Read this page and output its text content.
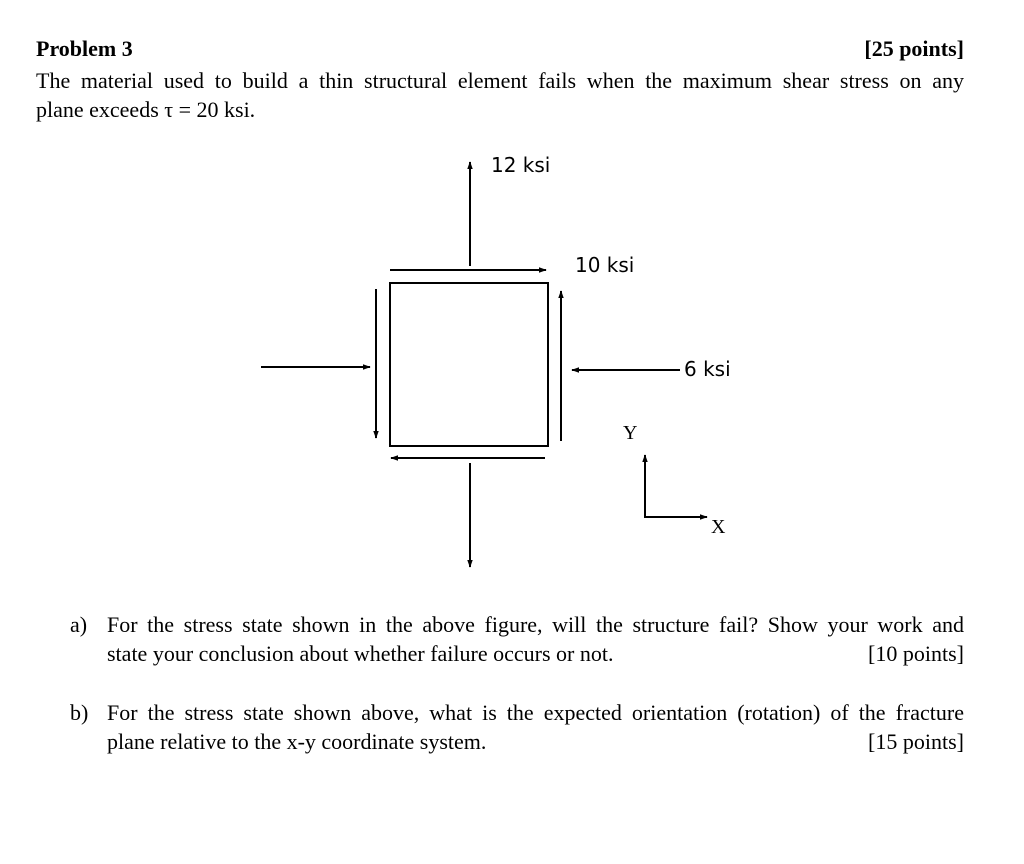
Problem 3	[25 points]
The material used to build a thin structural element fails when the maximum shear stress on any
plane exceeds τ = 20 ksi.
12 ksi
10 ksi
6 ksi
Y
X
a) For the stress state shown in the above figure, will the structure fail? Show your work and
state your conclusion about whether failure occurs or not.	[10 points]
b) For the stress state shown above, what is the expected orientation (rotation) of the fracture
plane relative to the x-y coordinate system.	[15 points]
